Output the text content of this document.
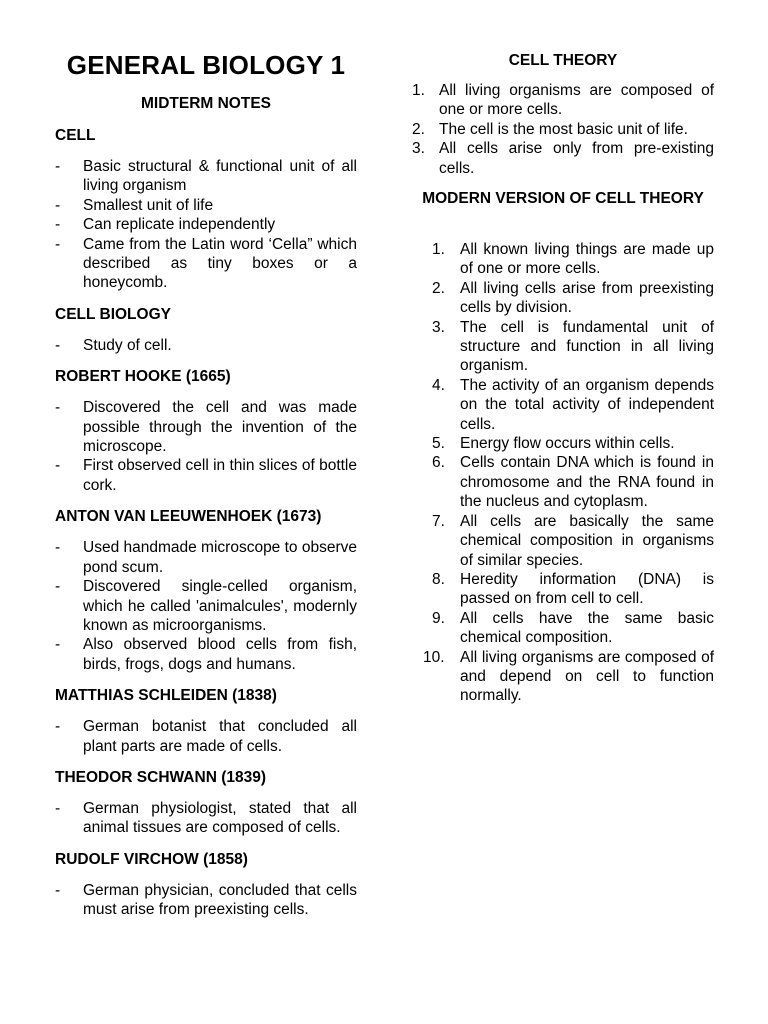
GENERAL BIOLOGY 1
MIDTERM NOTES
CELL
- Basic structural & functional unit of all living organism
- Smallest unit of life
- Can replicate independently
- Came from the Latin word ‘Cella” which described as tiny boxes or a honeycomb.
CELL BIOLOGY
- Study of cell.
ROBERT HOOKE (1665)
- Discovered the cell and was made possible through the invention of the microscope.
- First observed cell in thin slices of bottle cork.
ANTON VAN LEEUWENHOEK (1673)
- Used handmade microscope to observe pond scum.
- Discovered single-celled organism, which he called 'animalcules', modernly known as microorganisms.
- Also observed blood cells from fish, birds, frogs, dogs and humans.
MATTHIAS SCHLEIDEN (1838)
- German botanist that concluded all plant parts are made of cells.
THEODOR SCHWANN (1839)
- German physiologist, stated that all animal tissues are composed of cells.
RUDOLF VIRCHOW (1858)
- German physician, concluded that cells must arise from preexisting cells.
CELL THEORY
1. All living organisms are composed of one or more cells.
2. The cell is the most basic unit of life.
3. All cells arise only from pre-existing cells.
MODERN VERSION OF CELL THEORY
1. All known living things are made up of one or more cells.
2. All living cells arise from preexisting cells by division.
3. The cell is fundamental unit of structure and function in all living organism.
4. The activity of an organism depends on the total activity of independent cells.
5. Energy flow occurs within cells.
6. Cells contain DNA which is found in chromosome and the RNA found in the nucleus and cytoplasm.
7. All cells are basically the same chemical composition in organisms of similar species.
8. Heredity information (DNA) is passed on from cell to cell.
9. All cells have the same basic chemical composition.
10. All living organisms are composed of and depend on cell to function normally.
